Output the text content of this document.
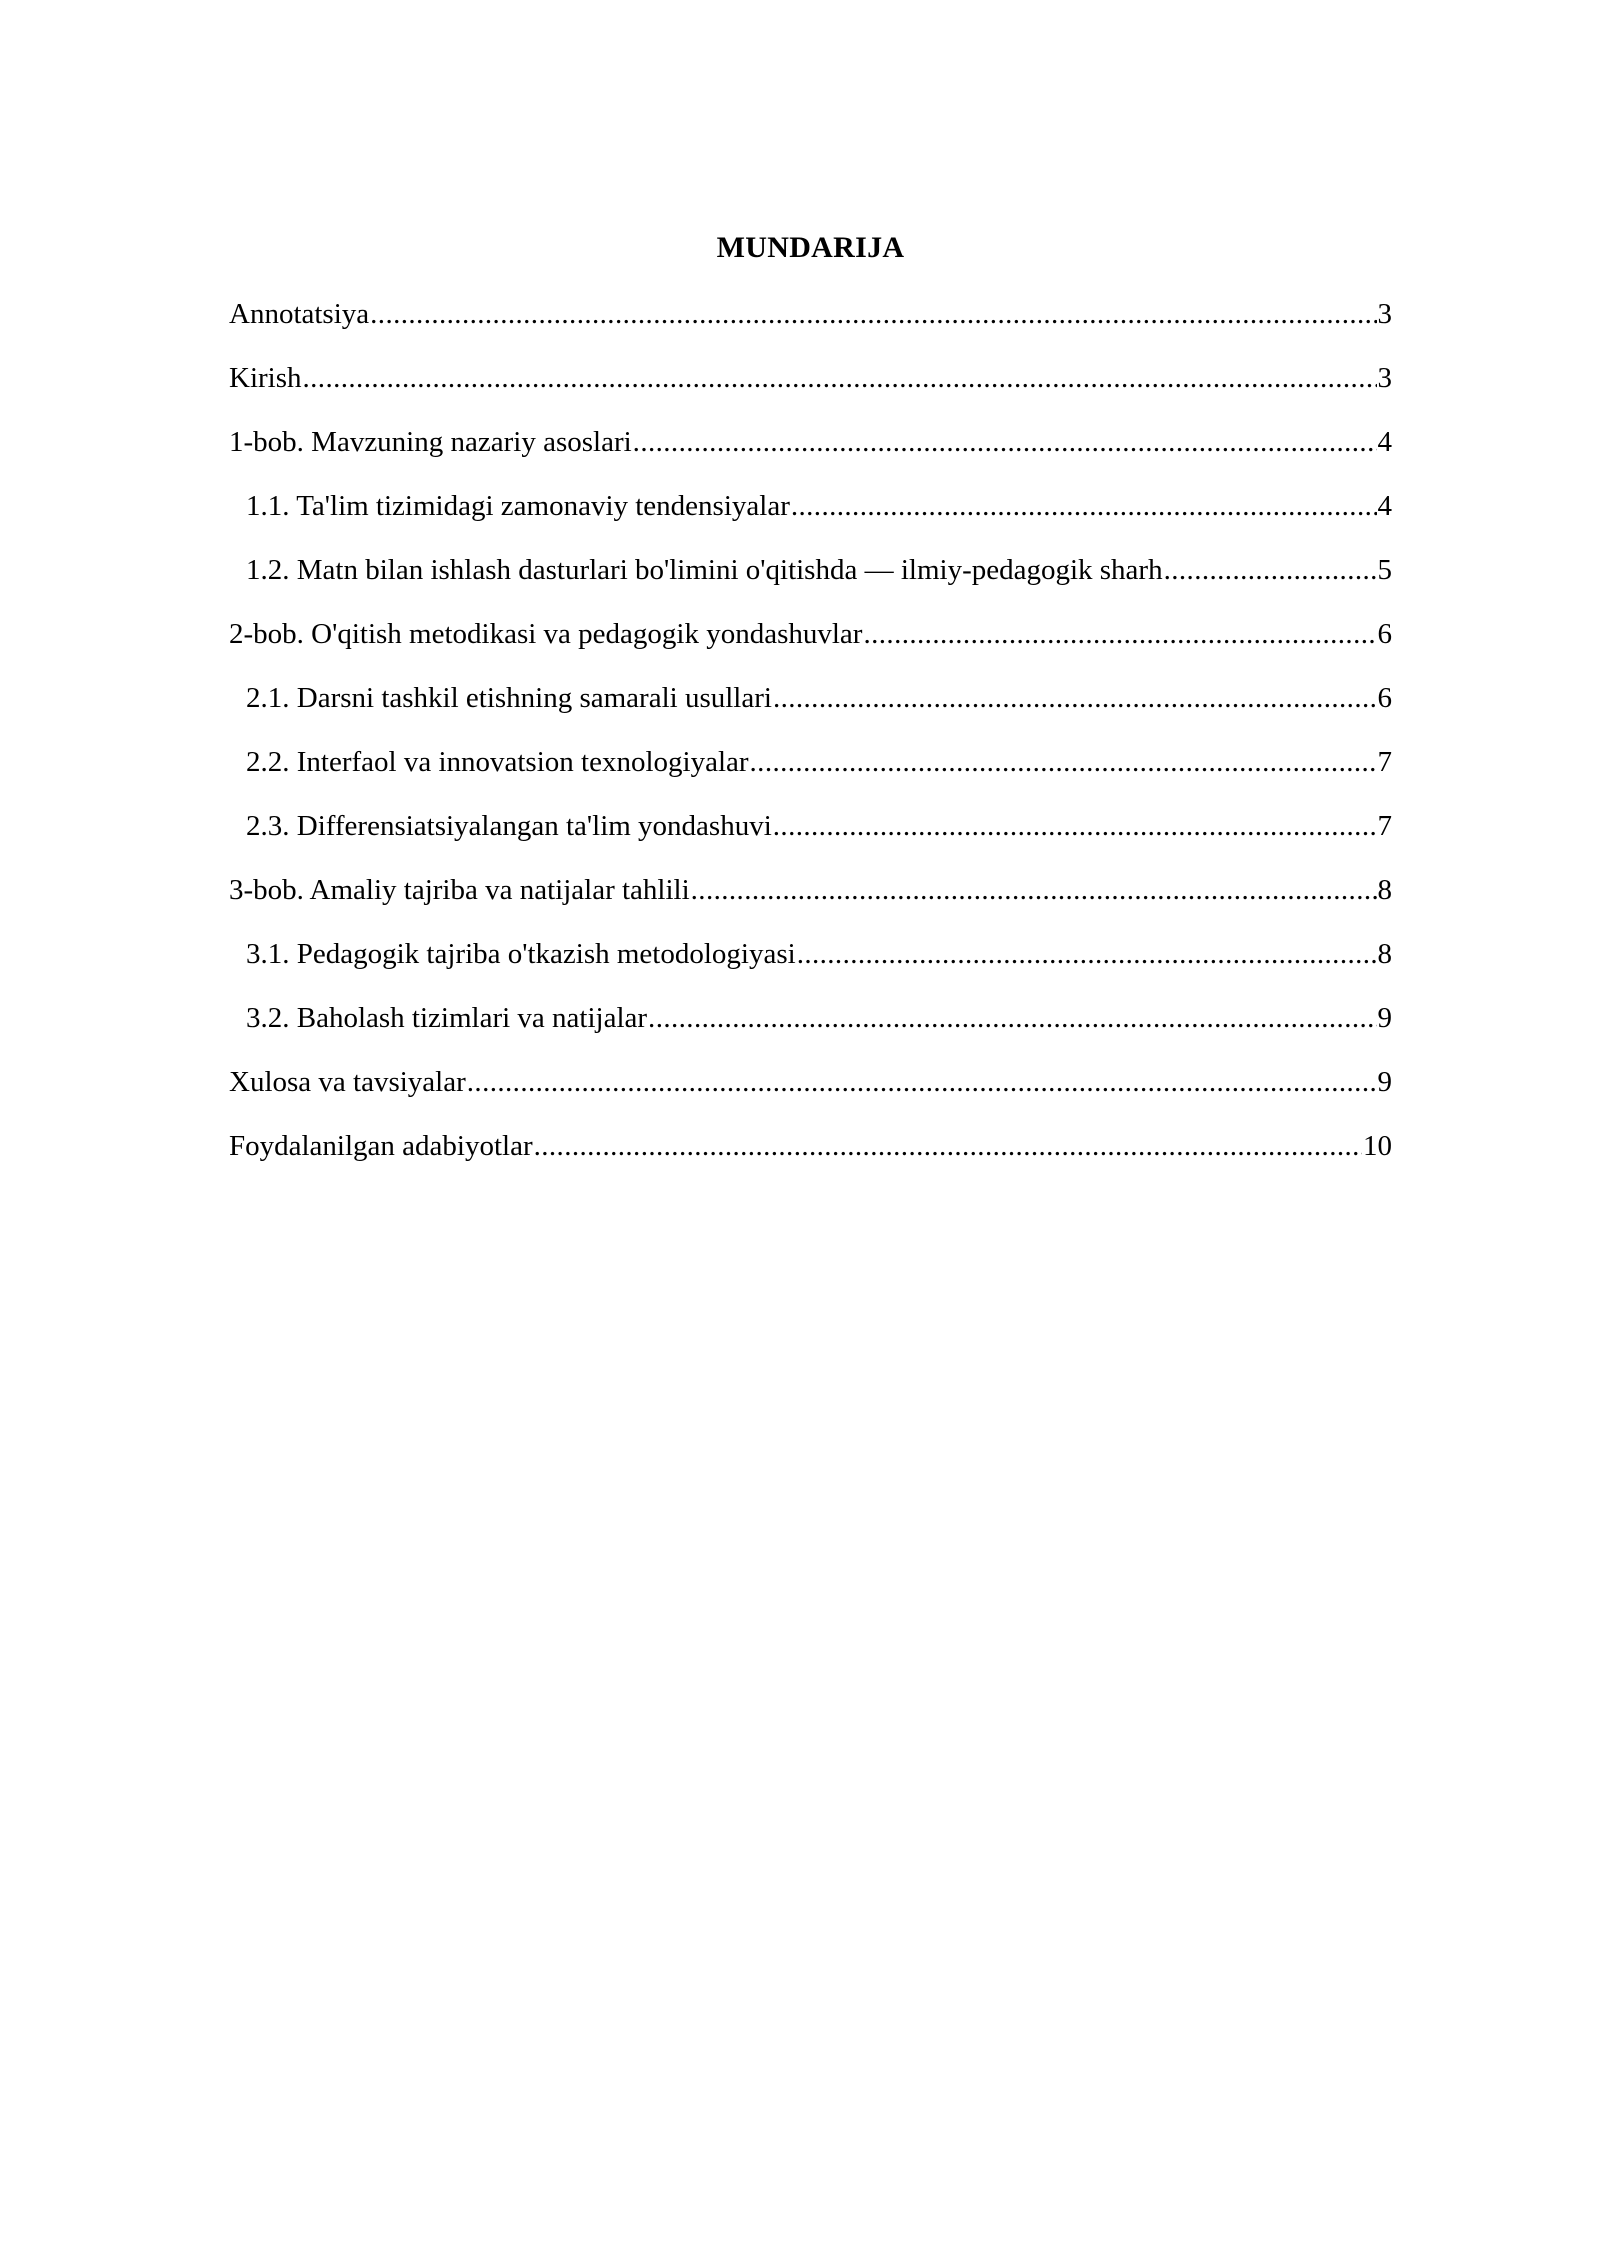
MUNDARIJA
Annotatsiya .....	3
Kirish .....	3
1-bob. Mavzuning nazariy asoslari .....	4
1.1. Ta'lim tizimidagi zamonaviy tendensiyalar .....	4
1.2. Matn bilan ishlash dasturlari bo'limini o'qitishda — ilmiy-pedagogik sharh .....	5
2-bob. O'qitish metodikasi va pedagogik yondashuvlar .....	6
2.1. Darsni tashkil etishning samarali usullari .....	6
2.2. Interfaol va innovatsion texnologiyalar .....	7
2.3. Differensiatsiyalangan ta'lim yondashuvi .....	7
3-bob. Amaliy tajriba va natijalar tahlili .....	8
3.1. Pedagogik tajriba o'tkazish metodologiyasi .....	8
3.2. Baholash tizimlari va natijalar .....	9
Xulosa va tavsiyalar .....	9
Foydalanilgan adabiyotlar .....	10
